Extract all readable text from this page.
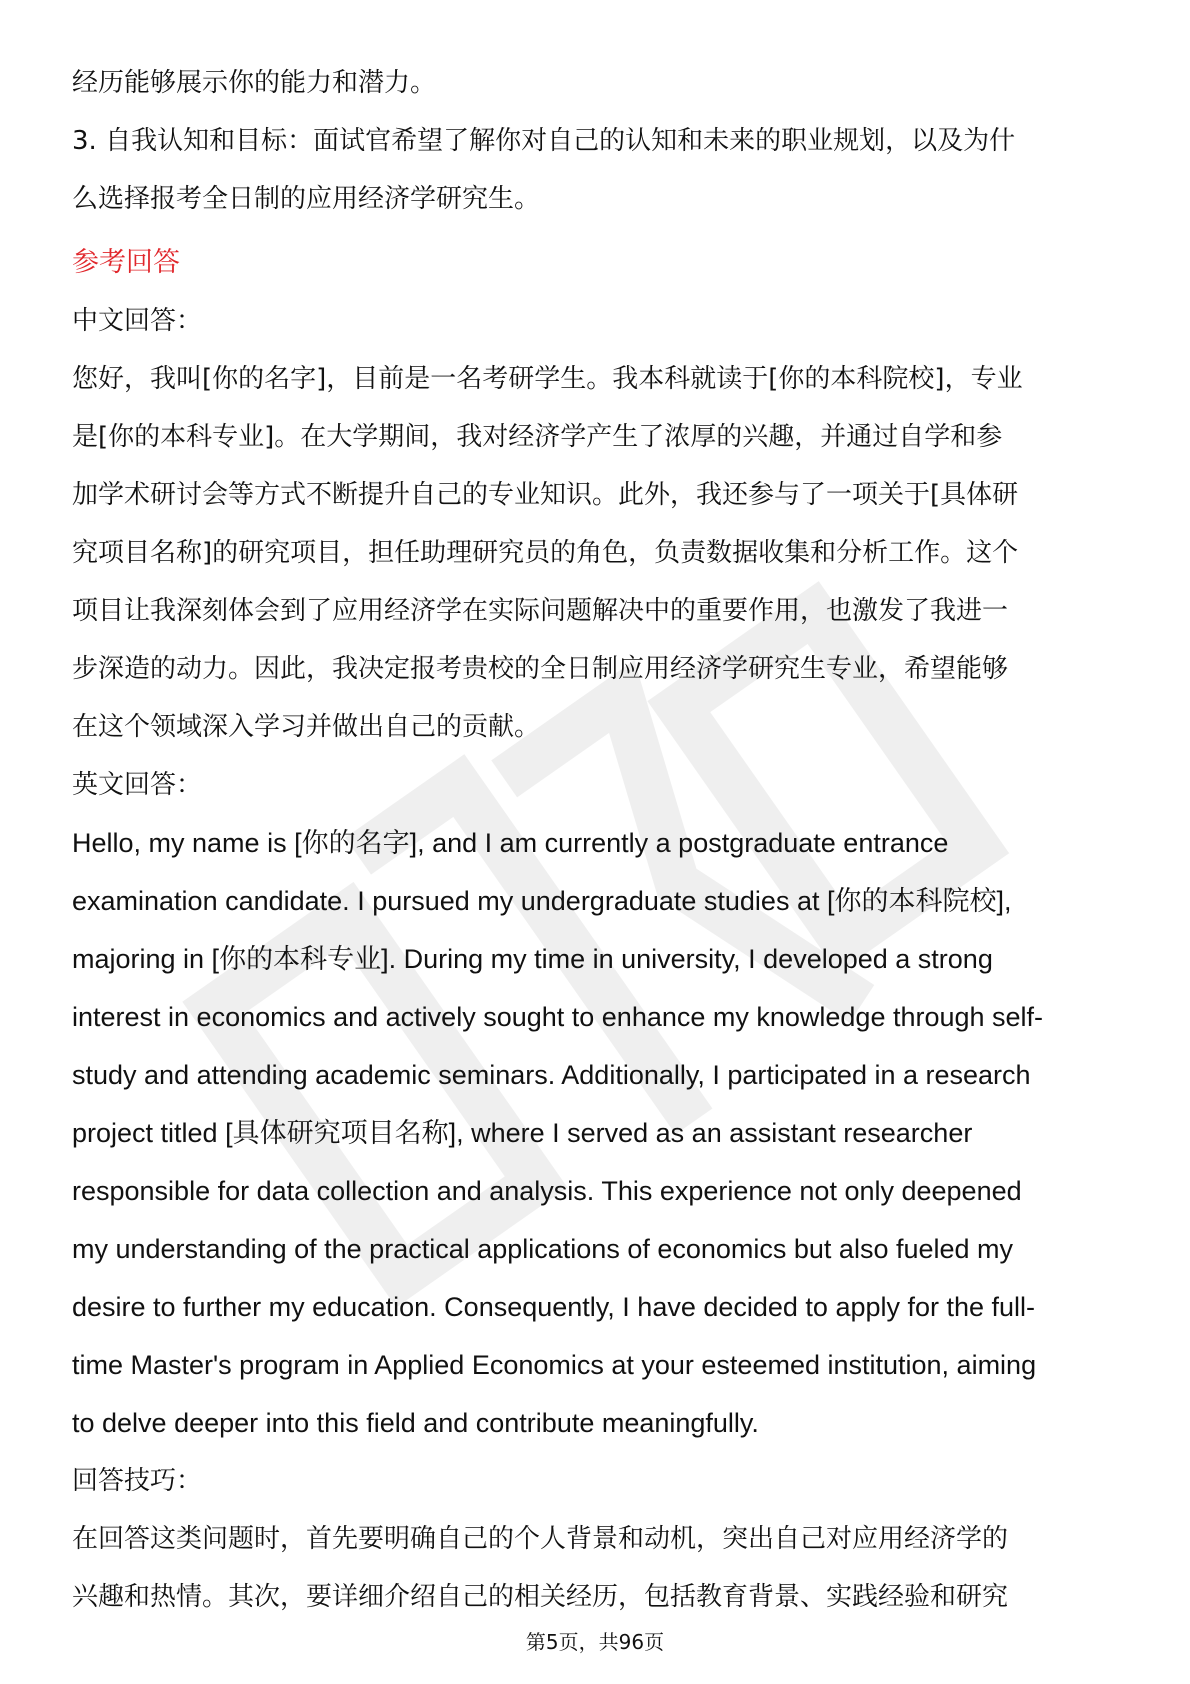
经历能够展示你的能力和潜力。

3. 自我认知和目标：面试官希望了解你对自己的认知和未来的职业规划，以及为什

么选择报考全日制的应用经济学研究生。

参考回答

中文回答：

您好，我叫[你的名字]，目前是一名考研学生。我本科就读于[你的本科院校]，专业

是[你的本科专业]。在大学期间，我对经济学产生了浓厚的兴趣，并通过自学和参

加学术研讨会等方式不断提升自己的专业知识。此外，我还参与了一项关于[具体研

究项目名称]的研究项目，担任助理研究员的角色，负责数据收集和分析工作。这个

项目让我深刻体会到了应用经济学在实际问题解决中的重要作用，也激发了我进一

步深造的动力。因此，我决定报考贵校的全日制应用经济学研究生专业，希望能够

在这个领域深入学习并做出自己的贡献。

英文回答：

Hello, my name is [你的名字], and I am currently a postgraduate entrance

examination candidate. I pursued my undergraduate studies at [你的本科院校],

majoring in [你的本科专业]. During my time in university, I developed a strong

interest in economics and actively sought to enhance my knowledge through self-

study and attending academic seminars. Additionally, I participated in a research

project titled [具体研究项目名称], where I served as an assistant researcher

responsible for data collection and analysis. This experience not only deepened

my understanding of the practical applications of economics but also fueled my

desire to further my education. Consequently, I have decided to apply for the full-

time Master's program in Applied Economics at your esteemed institution, aiming

to delve deeper into this field and contribute meaningfully.

回答技巧：

在回答这类问题时，首先要明确自己的个人背景和动机，突出自己对应用经济学的

兴趣和热情。其次，要详细介绍自己的相关经历，包括教育背景、实践经验和研究

第5页，共96页
